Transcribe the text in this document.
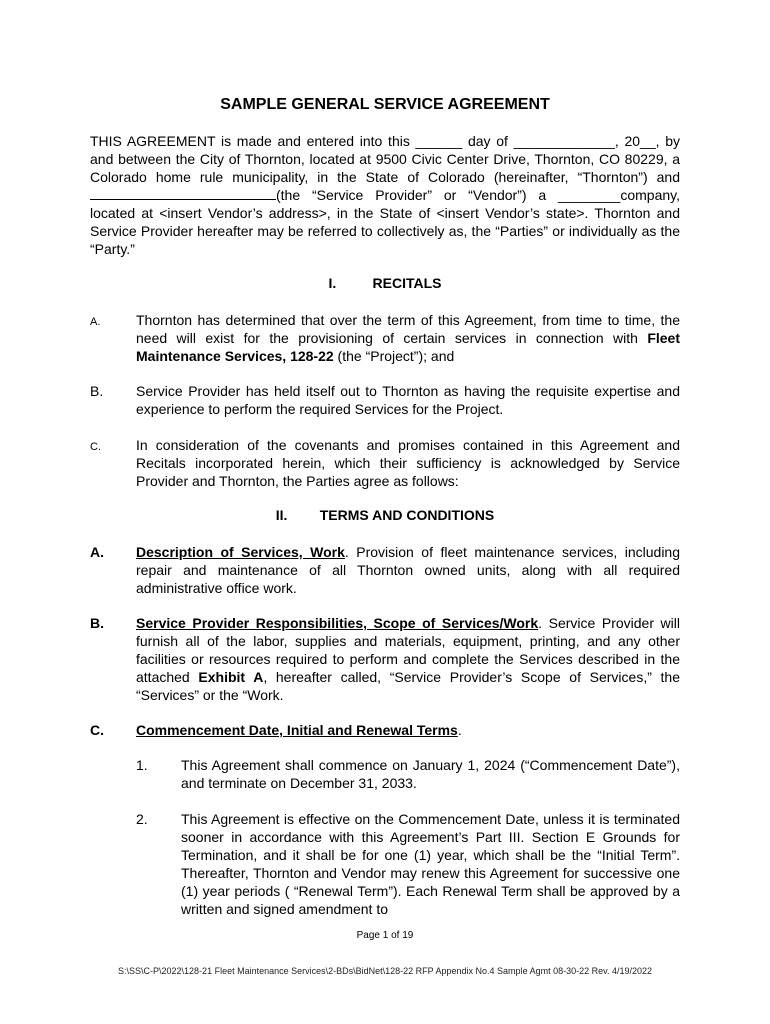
SAMPLE GENERAL SERVICE AGREEMENT
THIS AGREEMENT is made and entered into this ______ day of _____________, 20__, by and between the City of Thornton, located at 9500 Civic Center Drive, Thornton, CO 80229, a Colorado home rule municipality, in the State of Colorado (hereinafter, “Thornton”) and (the “Service Provider” or “Vendor”) a ________company, located at <insert Vendor’s address>, in the State of <insert Vendor’s state>. Thornton and Service Provider hereafter may be referred to collectively as, the “Parties” or individually as the “Party.”
I.	RECITALS
A.	Thornton has determined that over the term of this Agreement, from time to time, the need will exist for the provisioning of certain services in connection with Fleet Maintenance Services, 128-22 (the “Project”); and
B. Service Provider has held itself out to Thornton as having the requisite expertise and experience to perform the required Services for the Project.
C.	In consideration of the covenants and promises contained in this Agreement and Recitals incorporated herein, which their sufficiency is acknowledged by Service Provider and Thornton, the Parties agree as follows:
II. TERMS AND CONDITIONS
A. Description of Services, Work. Provision of fleet maintenance services, including repair and maintenance of all Thornton owned units, along with all required administrative office work.
B. Service Provider Responsibilities, Scope of Services/Work. Service Provider will furnish all of the labor, supplies and materials, equipment, printing, and any other facilities or resources required to perform and complete the Services described in the attached Exhibit A, hereafter called, “Service Provider’s Scope of Services,” the “Services” or the “Work.
C. Commencement Date, Initial and Renewal Terms.
1. This Agreement shall commence on January 1, 2024 (“Commencement Date”), and terminate on December 31, 2033.
2. This Agreement is effective on the Commencement Date, unless it is terminated sooner in accordance with this Agreement’s Part III. Section E Grounds for Termination, and it shall be for one (1) year, which shall be the “Initial Term”. Thereafter, Thornton and Vendor may renew this Agreement for successive one (1) year periods ( “Renewal Term”). Each Renewal Term shall be approved by a written and signed amendment to
Page 1 of 19
S:\SS\C-P\2022\128-21 Fleet Maintenance Services\2-BDs\BidNet\128-22 RFP Appendix No.4 Sample Agmt 08-30-22 Rev. 4/19/2022
